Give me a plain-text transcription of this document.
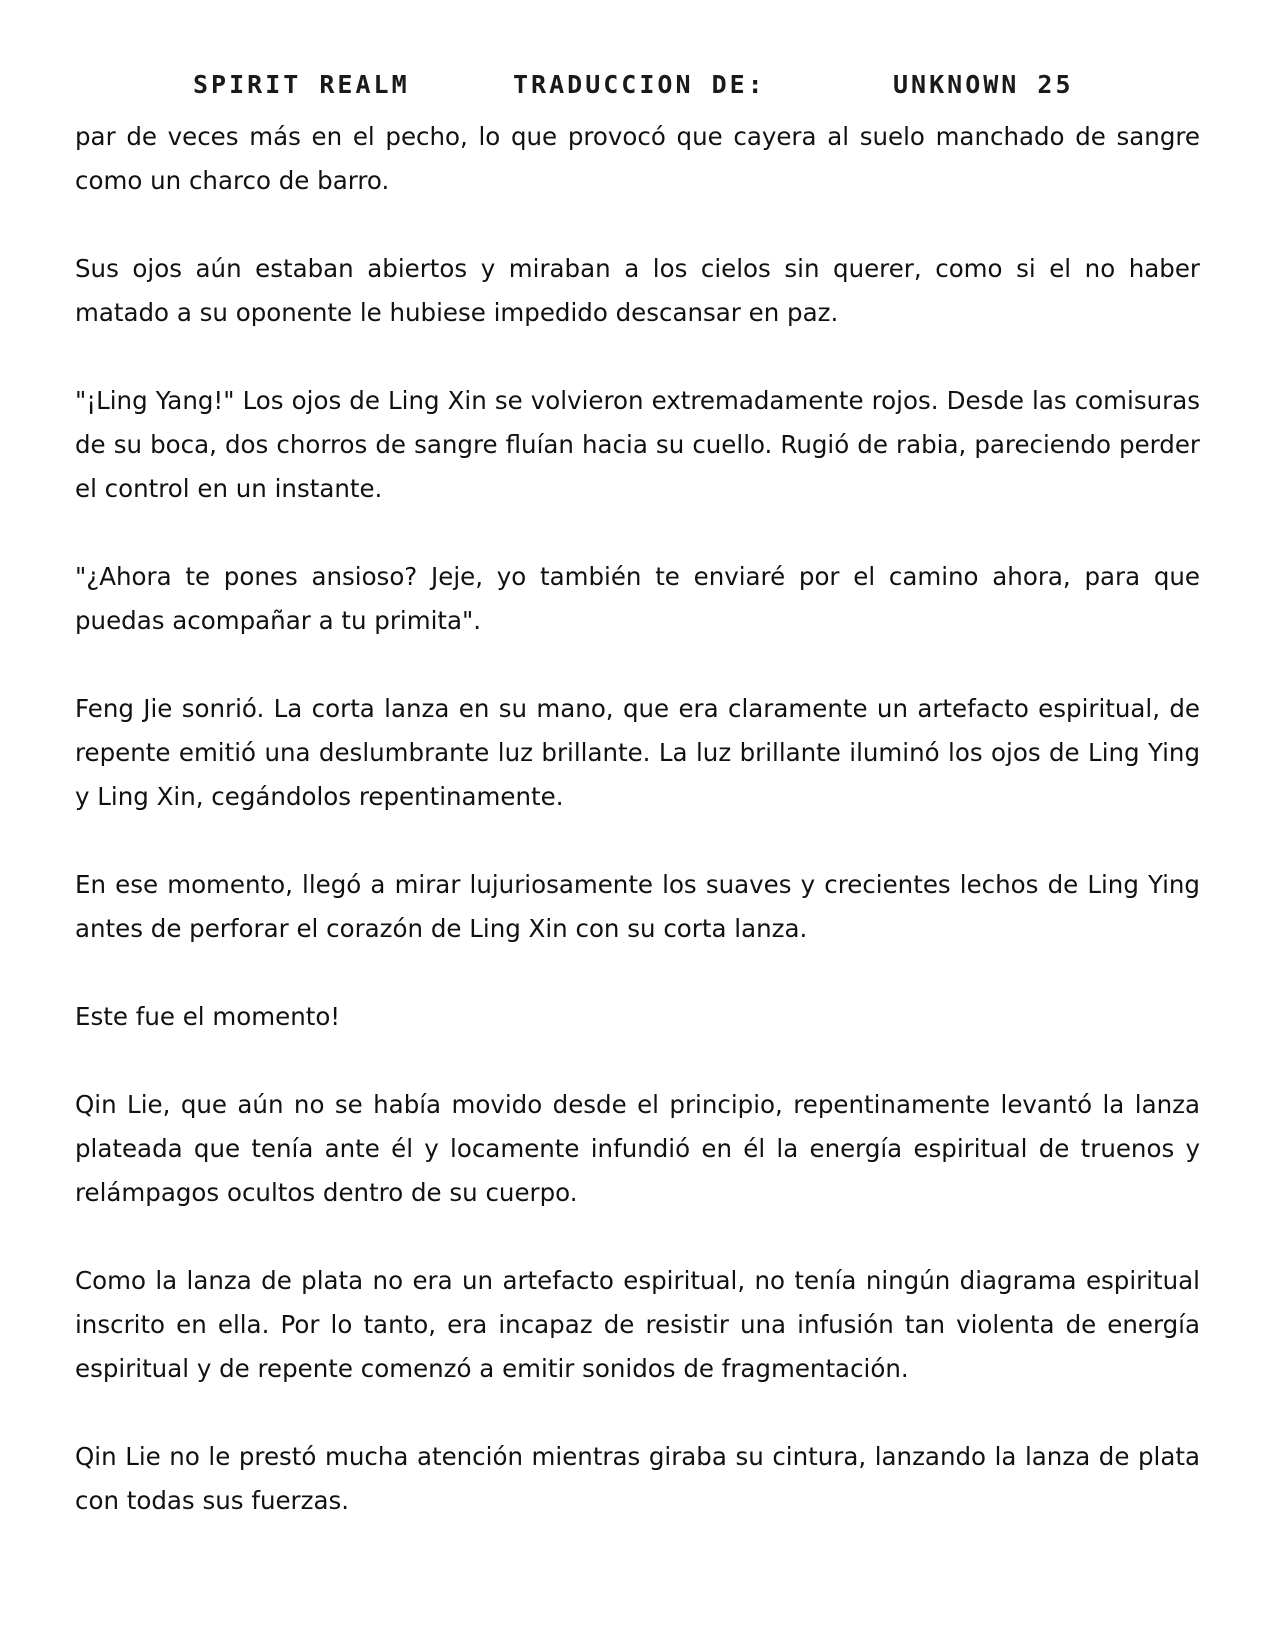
SPIRIT REALM	TRADUCCION DE:	UNKNOWN 25

par de veces más en el pecho, lo que provocó que cayera al suelo manchado de sangre como un charco de barro.

Sus ojos aún estaban abiertos y miraban a los cielos sin querer, como si el no haber matado a su oponente le hubiese impedido descansar en paz.

"¡Ling Yang!" Los ojos de Ling Xin se volvieron extremadamente rojos. Desde las comisuras de su boca, dos chorros de sangre fluían hacia su cuello. Rugió de rabia, pareciendo perder el control en un instante.

"¿Ahora te pones ansioso? Jeje, yo también te enviaré por el camino ahora, para que puedas acompañar a tu primita".

Feng Jie sonrió. La corta lanza en su mano, que era claramente un artefacto espiritual, de repente emitió una deslumbrante luz brillante. La luz brillante iluminó los ojos de Ling Ying y Ling Xin, cegándolos repentinamente.

En ese momento, llegó a mirar lujuriosamente los suaves y crecientes lechos de Ling Ying antes de perforar el corazón de Ling Xin con su corta lanza.

Este fue el momento!

Qin Lie, que aún no se había movido desde el principio, repentinamente levantó la lanza plateada que tenía ante él y locamente infundió en él la energía espiritual de truenos y relámpagos ocultos dentro de su cuerpo.

Como la lanza de plata no era un artefacto espiritual, no tenía ningún diagrama espiritual inscrito en ella. Por lo tanto, era incapaz de resistir una infusión tan violenta de energía espiritual y de repente comenzó a emitir sonidos de fragmentación.

Qin Lie no le prestó mucha atención mientras giraba su cintura, lanzando la lanza de plata con todas sus fuerzas.
